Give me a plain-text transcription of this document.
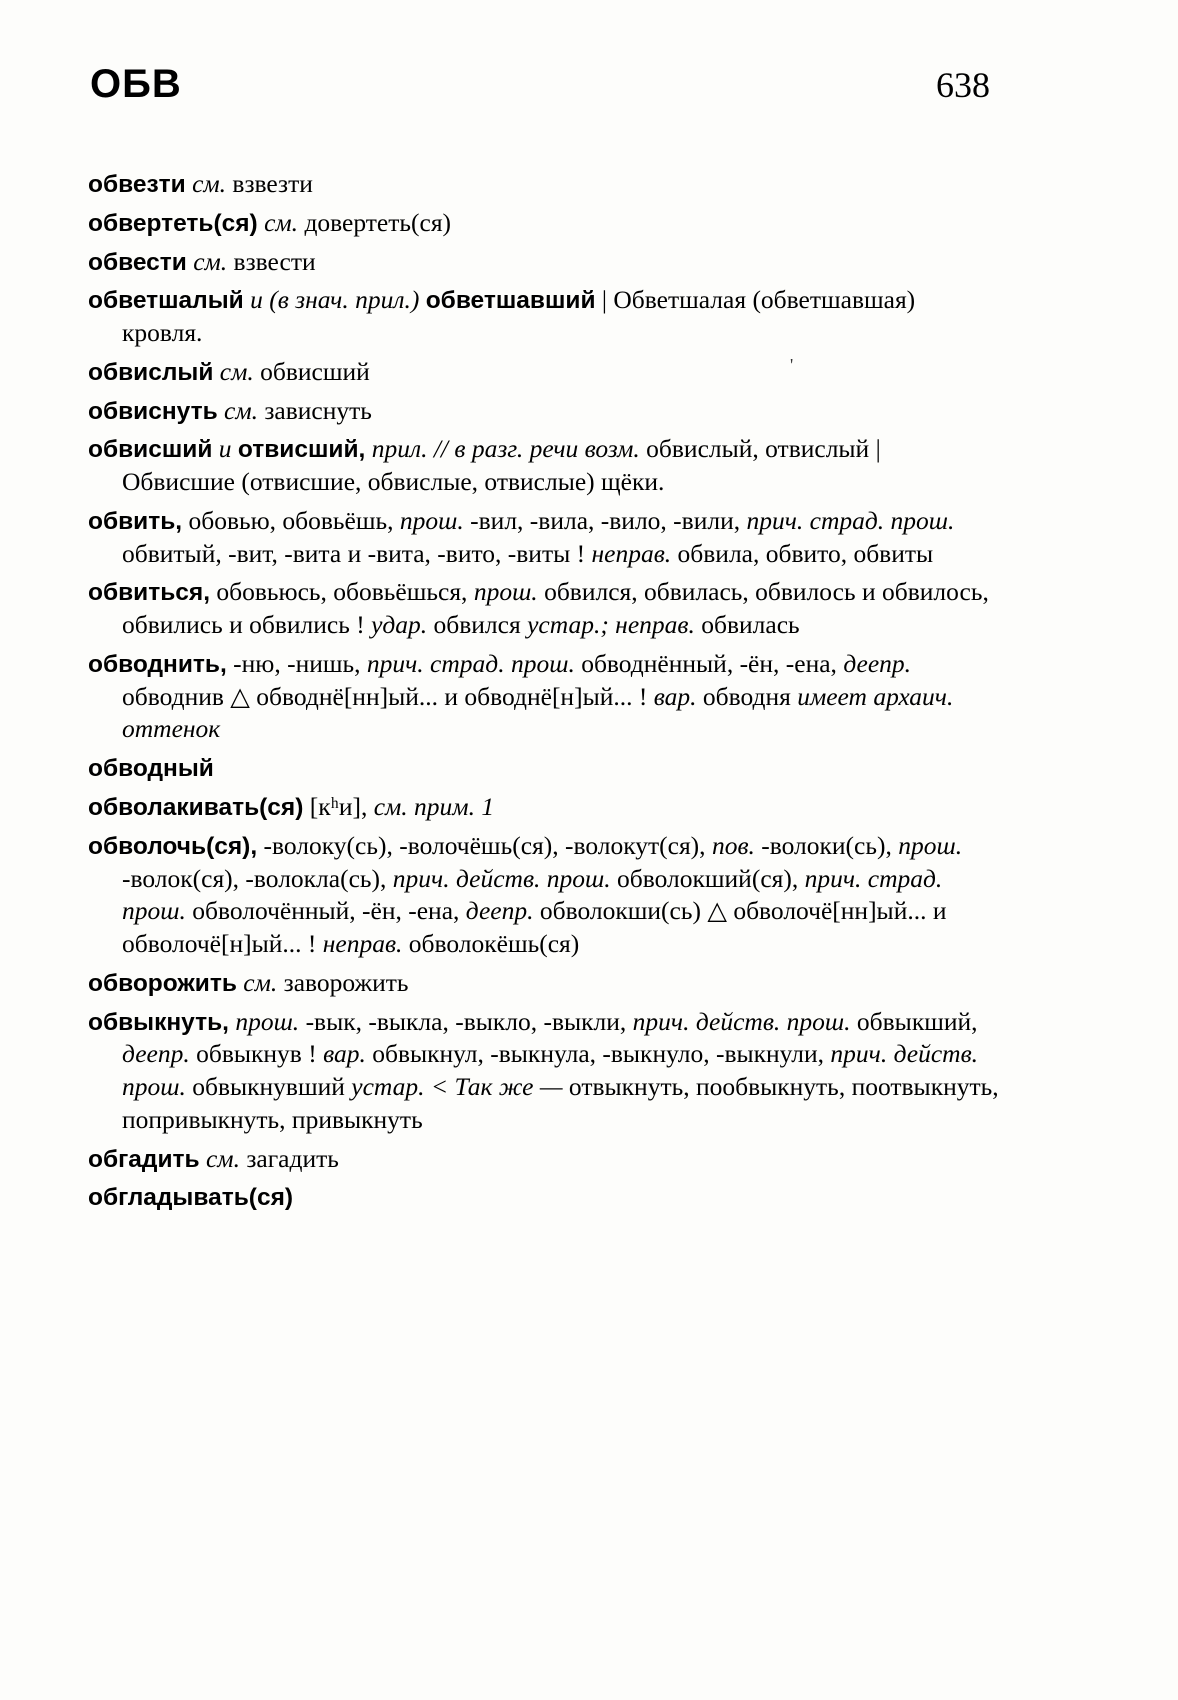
ОБВ	638
'
обвезти см. взвезти
обвертеть(ся) см. довертеть(ся)
обвести см. взвести
обветшалый и (в знач. прил.) обветшавший | Обветшалая (обветшавшая) кровля.
обвислый см. обвисший
обвиснуть см. зависнуть
обвисший и отвисший, прил. // в разг. речи возм. обвислый, отвислый | Обвисшие (отвисшие, обвислые, отвислые) щёки.
обвить, обовью, обовьёшь, прош. -вил, -вила, -вило, -вили, прич. страд. прош. обвитый, -вит, -вита и -вита, -вито, -виты ! неправ. обвила, обвито, обвиты
обвиться, обовьюсь, обовьёшься, прош. обвился, обвилась, обвилось и обвилось, обвились и обвились ! удар. обвился устар.; неправ. обвилась
обводнить, -ню, -нишь, прич. страд. прош. обводнённый, -ён, -ена, деепр. обводнив △ обводнё[нн]ый... и обводнё[н]ый... ! вар. обводня имеет архаич. оттенок
обводный
обволакивать(ся) [кʰи], см. прим. 1
обволочь(ся), -волоку(сь), -волочёшь(ся), -волокут(ся), пов. -волоки(сь), прош. -волок(ся), -волокла(сь), прич. действ. прош. обволокший(ся), прич. страд. прош. обволочённый, -ён, -ена, деепр. обволокши(сь) △ обволочё[нн]ый... и обволочё[н]ый... ! неправ. обволокёшь(ся)
обворожить см. заворожить
обвыкнуть, прош. -вык, -выкла, -выкло, -выкли, прич. действ. прош. обвыкший, деепр. обвыкнув ! вар. обвыкнул, -выкнула, -выкнуло, -выкнули, прич. действ. прош. обвыкнувший устар. < Так же — отвыкнуть, пообвыкнуть, поотвыкнуть, попривыкнуть, привыкнуть
обгадить см. загадить
обгладывать(ся)
